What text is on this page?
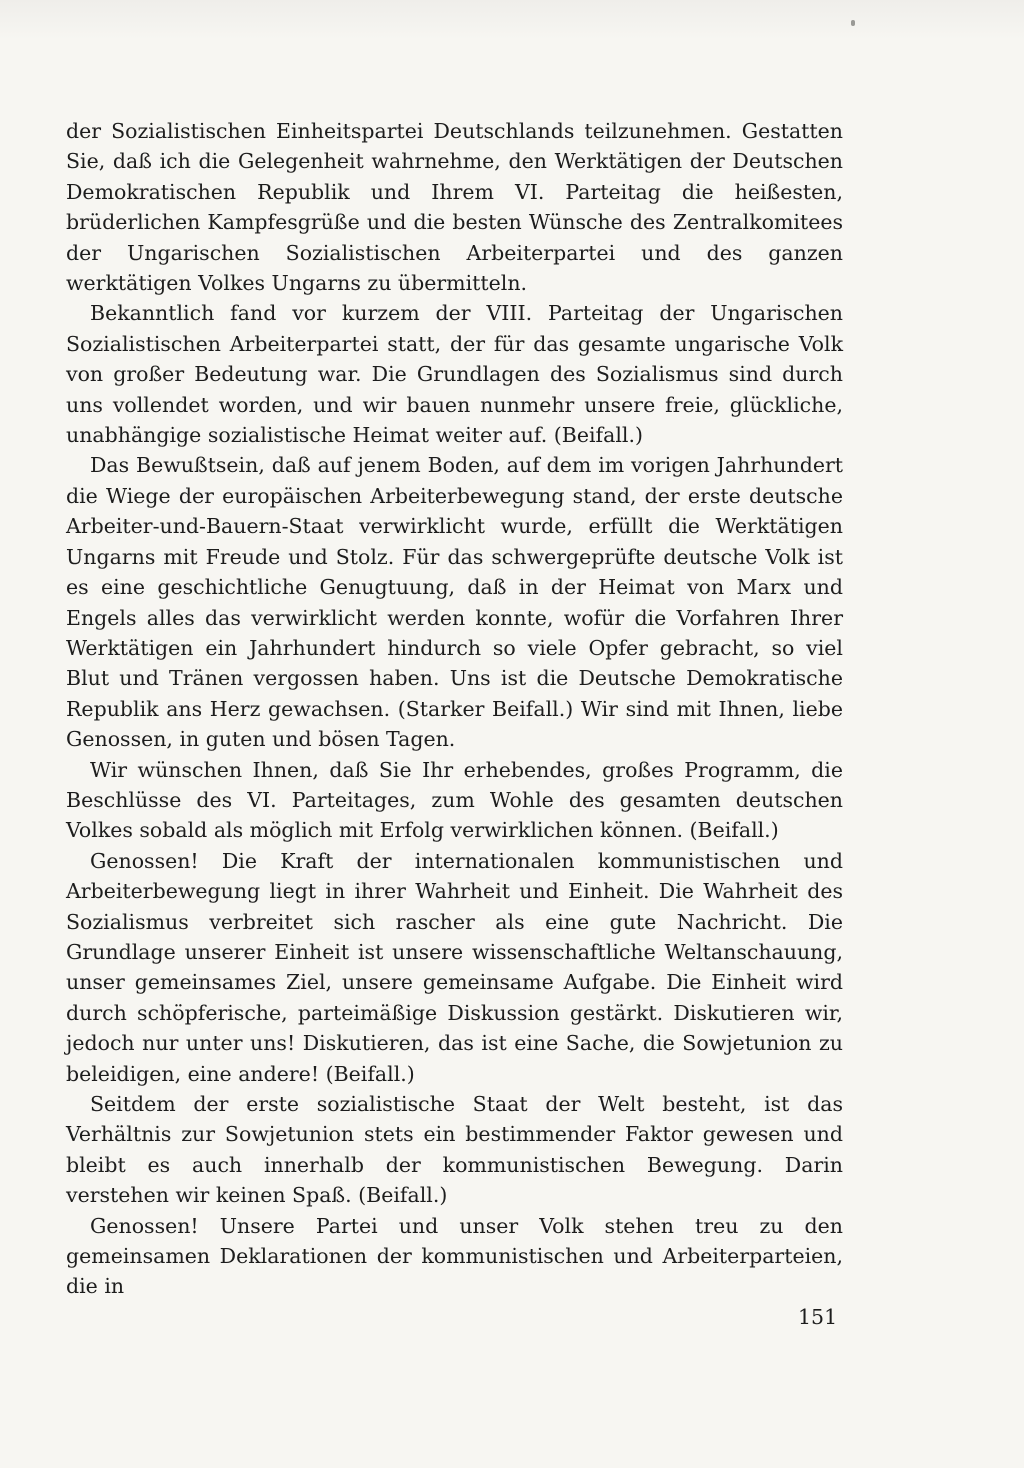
der Sozialistischen Einheitspartei Deutschlands teilzunehmen. Gestatten Sie, daß ich die Gelegenheit wahrnehme, den Werktätigen der Deutschen Demokratischen Republik und Ihrem VI. Parteitag die heißesten, brüderlichen Kampfesgrüße und die besten Wünsche des Zentralkomitees der Ungarischen Sozialistischen Arbeiterpartei und des ganzen werktätigen Volkes Ungarns zu übermitteln.

Bekanntlich fand vor kurzem der VIII. Parteitag der Ungarischen Sozialistischen Arbeiterpartei statt, der für das gesamte ungarische Volk von großer Bedeutung war. Die Grundlagen des Sozialismus sind durch uns vollendet worden, und wir bauen nunmehr unsere freie, glückliche, unabhängige sozialistische Heimat weiter auf. (Beifall.)

Das Bewußtsein, daß auf jenem Boden, auf dem im vorigen Jahrhundert die Wiege der europäischen Arbeiterbewegung stand, der erste deutsche Arbeiter-und-Bauern-Staat verwirklicht wurde, erfüllt die Werktätigen Ungarns mit Freude und Stolz. Für das schwergeprüfte deutsche Volk ist es eine geschichtliche Genugtuung, daß in der Heimat von Marx und Engels alles das verwirklicht werden konnte, wofür die Vorfahren Ihrer Werktätigen ein Jahrhundert hindurch so viele Opfer gebracht, so viel Blut und Tränen vergossen haben. Uns ist die Deutsche Demokratische Republik ans Herz gewachsen. (Starker Beifall.) Wir sind mit Ihnen, liebe Genossen, in guten und bösen Tagen.

Wir wünschen Ihnen, daß Sie Ihr erhebendes, großes Programm, die Beschlüsse des VI. Parteitages, zum Wohle des gesamten deutschen Volkes sobald als möglich mit Erfolg verwirklichen können. (Beifall.)

Genossen! Die Kraft der internationalen kommunistischen und Arbeiterbewegung liegt in ihrer Wahrheit und Einheit. Die Wahrheit des Sozialismus verbreitet sich rascher als eine gute Nachricht. Die Grundlage unserer Einheit ist unsere wissenschaftliche Weltanschauung, unser gemeinsames Ziel, unsere gemeinsame Aufgabe. Die Einheit wird durch schöpferische, parteimäßige Diskussion gestärkt. Diskutieren wir, jedoch nur unter uns! Diskutieren, das ist eine Sache, die Sowjetunion zu beleidigen, eine andere! (Beifall.)

Seitdem der erste sozialistische Staat der Welt besteht, ist das Verhältnis zur Sowjetunion stets ein bestimmender Faktor gewesen und bleibt es auch innerhalb der kommunistischen Bewegung. Darin verstehen wir keinen Spaß. (Beifall.)

Genossen! Unsere Partei und unser Volk stehen treu zu den gemeinsamen Deklarationen der kommunistischen und Arbeiterparteien, die in

151
